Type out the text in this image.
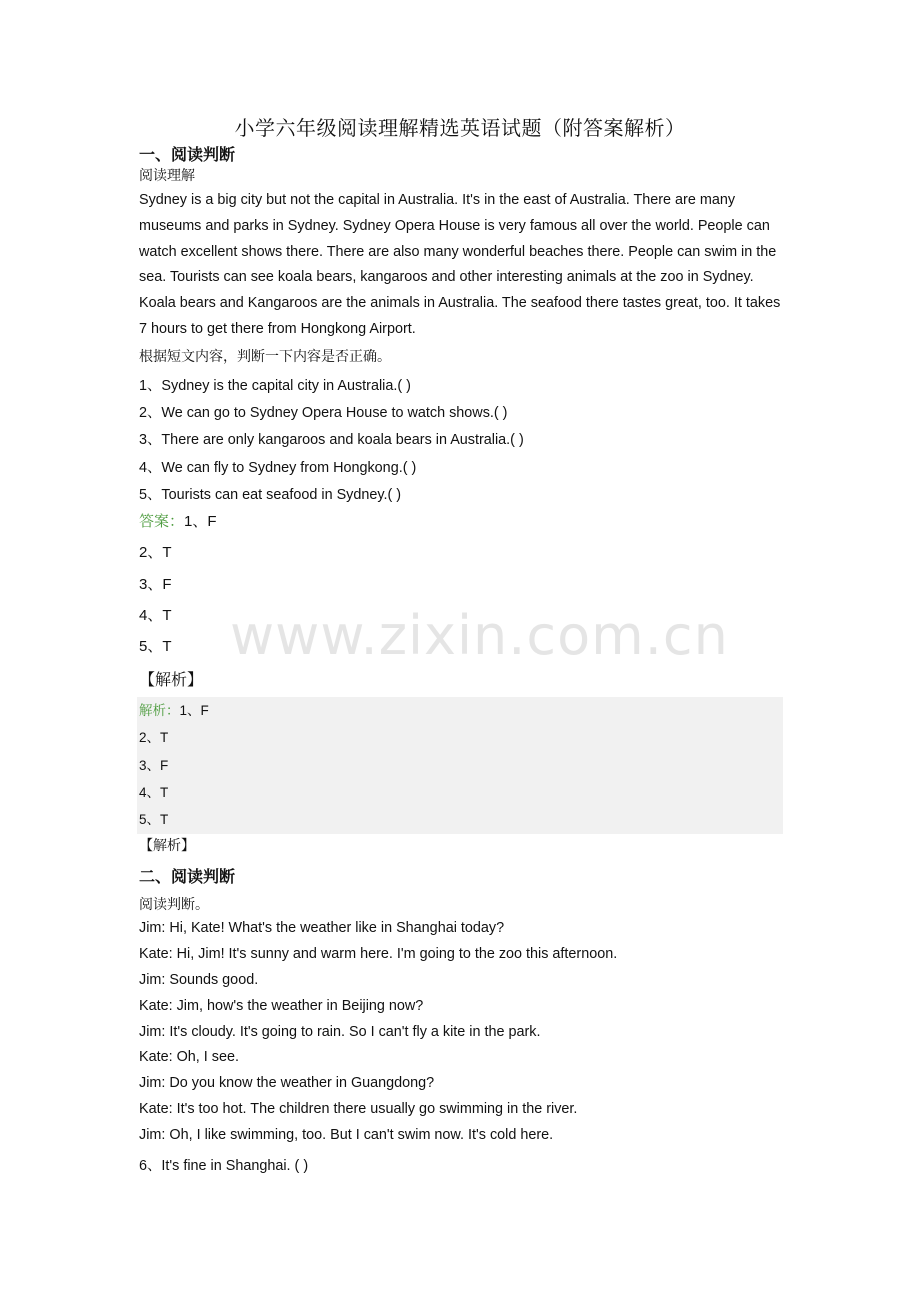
小学六年级阅读理解精选英语试题（附答案解析）
一、阅读判断
阅读理解
Sydney is a big city but not the capital in Australia. It's in the east of Australia. There are many museums and parks in Sydney. Sydney Opera House is very famous all over the world. People can watch excellent shows there. There are also many wonderful beaches there. People can swim in the sea. Tourists can see koala bears, kangaroos and other interesting animals at the zoo in Sydney. Koala bears and Kangaroos are the animals in Australia. The seafood there tastes great, too. It takes 7 hours to get there from Hongkong Airport.
根据短文内容，判断一下内容是否正确。
1、Sydney is the capital city in Australia.( )
2、We can go to Sydney Opera House to watch shows.( )
3、There are only kangaroos and koala bears in Australia.( )
4、We can fly to Sydney from Hongkong.( )
5、Tourists can eat seafood in Sydney.( )
答案：1、F
2、T
3、F
4、T
5、T
【解析】
解析：1、F
2、T
3、F
4、T
5、T
【解析】
二、阅读判断
阅读判断。
Jim: Hi, Kate! What's the weather like in Shanghai today?
Kate: Hi, Jim! It's sunny and warm here. I'm going to the zoo this afternoon.
Jim: Sounds good.
Kate: Jim, how's the weather in Beijing now?
Jim: It's cloudy. It's going to rain. So I can't fly a kite in the park.
Kate: Oh, I see.
Jim: Do you know the weather in Guangdong?
Kate: It's too hot. The children there usually go swimming in the river.
Jim: Oh, I like swimming, too. But I can't swim now. It's cold here.
6、It's fine in Shanghai. ( )
www.zixin.com.cn
